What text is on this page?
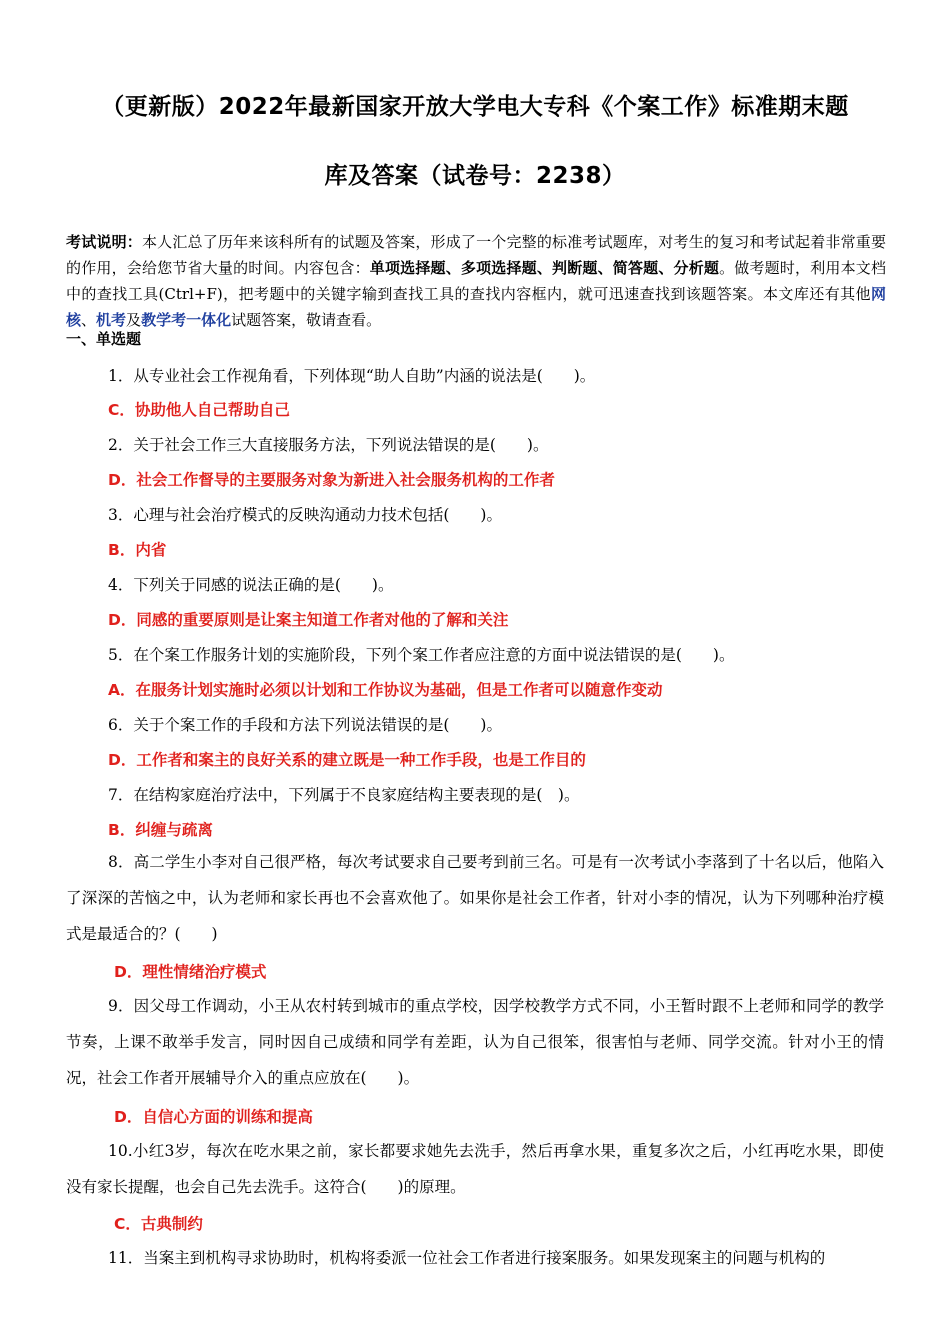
（更新版）2022年最新国家开放大学电大专科《个案工作》标准期末题
库及答案（试卷号：2238）
考试说明：本人汇总了历年来该科所有的试题及答案，形成了一个完整的标准考试题库，对考生的复习和考试起着非常重要的作用，会给您节省大量的时间。内容包含：单项选择题、多项选择题、判断题、简答题、分析题。做考题时，利用本文档中的查找工具(Ctrl+F)，把考题中的关键字输到查找工具的查找内容框内，就可迅速查找到该题答案。本文库还有其他网核、机考及教学考一体化试题答案，敬请查看。
一、单选题
1．从专业社会工作视角看，下列体现“助人自助”内涵的说法是(　　)。
C．协助他人自己帮助自己
2．关于社会工作三大直接服务方法，下列说法错误的是(　　)。
D．社会工作督导的主要服务对象为新进入社会服务机构的工作者
3．心理与社会治疗模式的反映沟通动力技术包括(　　)。
B．内省
4．下列关于同感的说法正确的是(　　)。
D．同感的重要原则是让案主知道工作者对他的了解和关注
5．在个案工作服务计划的实施阶段，下列个案工作者应注意的方面中说法错误的是(　　)。
A．在服务计划实施时必须以计划和工作协议为基础，但是工作者可以随意作变动
6．关于个案工作的手段和方法下列说法错误的是(　　)。
D．工作者和案主的良好关系的建立既是一种工作手段，也是工作目的
7．在结构家庭治疗法中，下列属于不良家庭结构主要表现的是(　)。
B．纠缠与疏离
8．高二学生小李对自己很严格，每次考试要求自己要考到前三名。可是有一次考试小李落到了十名以后，他陷入了深深的苦恼之中，认为老师和家长再也不会喜欢他了。如果你是社会工作者，针对小李的情况，认为下列哪种治疗模式是最适合的？(　　)
D．理性情绪治疗模式
9．因父母工作调动，小王从农村转到城市的重点学校，因学校教学方式不同，小王暂时跟不上老师和同学的教学节奏，上课不敢举手发言，同时因自己成绩和同学有差距，认为自己很笨，很害怕与老师、同学交流。针对小王的情况，社会工作者开展辅导介入的重点应放在(　　)。
D．自信心方面的训练和提高
10.小红3岁，每次在吃水果之前，家长都要求她先去洗手，然后再拿水果，重复多次之后，小红再吃水果，即使没有家长提醒，也会自己先去洗手。这符合(　　)的原理。
C．古典制约
11．当案主到机构寻求协助时，机构将委派一位社会工作者进行接案服务。如果发现案主的问题与机构的
